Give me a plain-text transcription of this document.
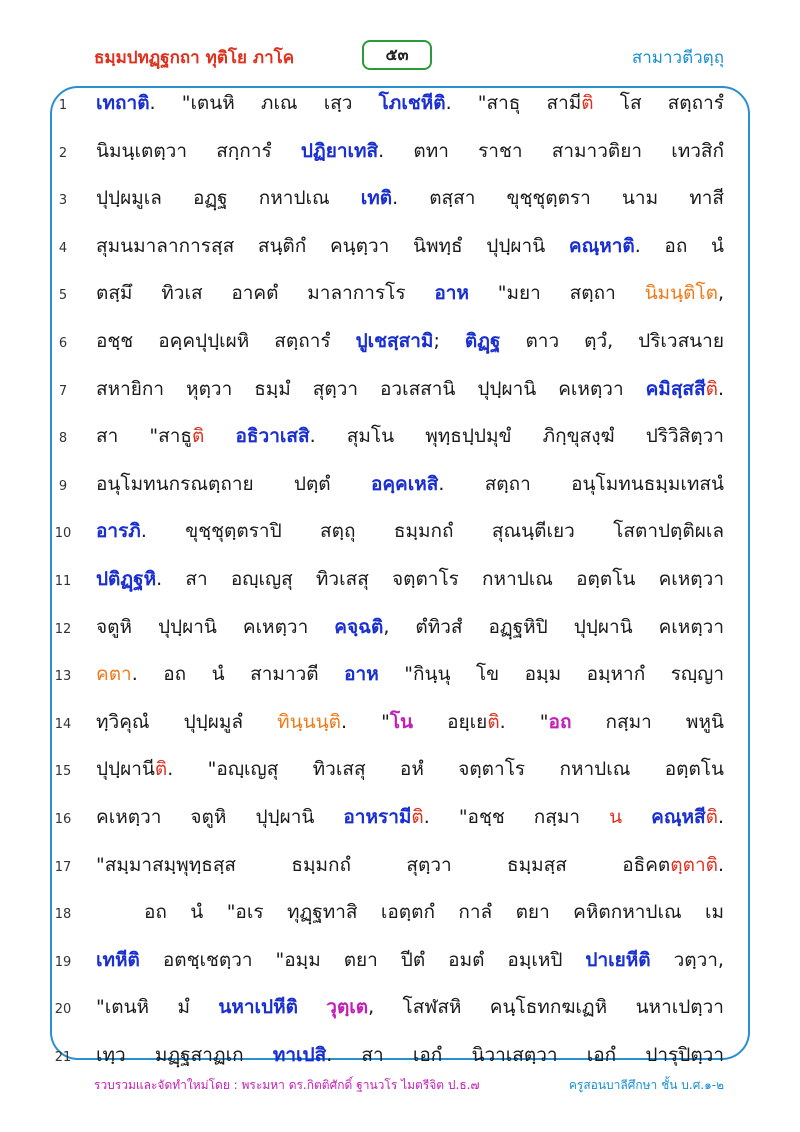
ธมฺมปทฏฺฐกถา ทุติโย ภาโค	๕๓	สามาวตีวตฺถุ
1	เทถาติ. "เตนหิ ภเณ เสฺว โภเชหีติ. "สาธุ สามีติ โส สตฺถารํ
2	นิมนฺเตตฺวา สกฺการํ ปฏิยาเทสิ. ตทา ราชา สามาวติยา เทวสิกํ
3	ปุปฺผมูเล อฏฺฐ กหาปเณ เทติ. ตสฺสา ขุชฺชุตฺตรา นาม ทาสี
4	สุมนมาลาการสฺส สนฺติกํ คนฺตฺวา นิพทฺธํ ปุปฺผานิ คณฺหาติ. อถ นํ
5	ตสฺมึ ทิวเส อาคตํ มาลาการโร อาห "มยา สตฺถา นิมนฺติโต,
6	อชฺช อคฺคปุปฺเผหิ สตฺถารํ ปูเชสฺสามิ; ติฏฺฐ ตาว ตฺวํ, ปริเวสนาย
7	สหายิกา หุตฺวา ธมฺมํ สุตฺวา อวเสสานิ ปุปฺผานิ คเหตฺวา คมิสฺสสีติ.
8	สา "สาธูติ อธิวาเสสิ. สุมโน พุทฺธปฺปมุขํ ภิกฺขุสงฺฆํ ปริวิสิตฺวา
9	อนุโมทนกรณตฺถาย ปตฺตํ อคฺคเหสิ. สตฺถา อนุโมทนธมฺมเทสนํ
10	อารภิ. ขุชฺชุตฺตราปิ สตฺถุ ธมฺมกถํ สุณนฺตีเยว โสตาปตฺติผเล
11	ปติฏฺฐหิ. สา อญฺเญสุ ทิวเสสุ จตฺตาโร กหาปเณ อตฺตโน คเหตฺวา
12	จตูหิ ปุปฺผานิ คเหตฺวา คจฺฉติ, ตํทิวสํ อฏฺฐหิปิ ปุปฺผานิ คเหตฺวา
13	คตา. อถ นํ สามาวตี อาห "กินฺนุ โข อมฺม อมฺหากํ รญฺญา
14	ทฺวิคุณํ ปุปฺผมูลํ ทินฺนนฺติ. "โน อยฺเยติ. "อถ กสฺมา พหูนิ
15	ปุปฺผานีติ. "อญฺเญสุ ทิวเสสุ อหํ จตฺตาโร กหาปเณ อตฺตโน
16	คเหตฺวา จตูหิ ปุปฺผานิ อาหรามีติ. "อชฺช กสฺมา น คณฺหสีติ.
17	"สมฺมาสมฺพุทฺธสฺส ธมฺมกถํ สุตฺวา ธมฺมสฺส อธิคตตฺตาติ.
18	อถ นํ "อเร ทุฏฺฐทาสิ เอตฺตกํ กาลํ ตยา คหิตกหาปเณ เม
19	เทหีติ อตชฺเชตฺวา "อมฺม ตยา ปีตํ อมตํ อมฺเหปิ ปาเยหีติ วตฺวา,
20	"เตนหิ มํ นหาเปหีติ วุตฺเต, โสฬสหิ คนฺโธทกฆเฏหิ นหาเปตฺวา
21	เทฺว มฏฺฐสาฏเก ทาเปสิ. สา เอกํ นิวาเสตฺวา เอกํ ปารุปิตฺวา
รวบรวมและจัดทำใหม่โดย : พระมหา ดร.กิตติศักดิ์ ฐานวโร ไมตรีจิต ป.ธ.๗	ครูสอนบาลีศึกษา ชั้น บ.ศ.๑-๒
